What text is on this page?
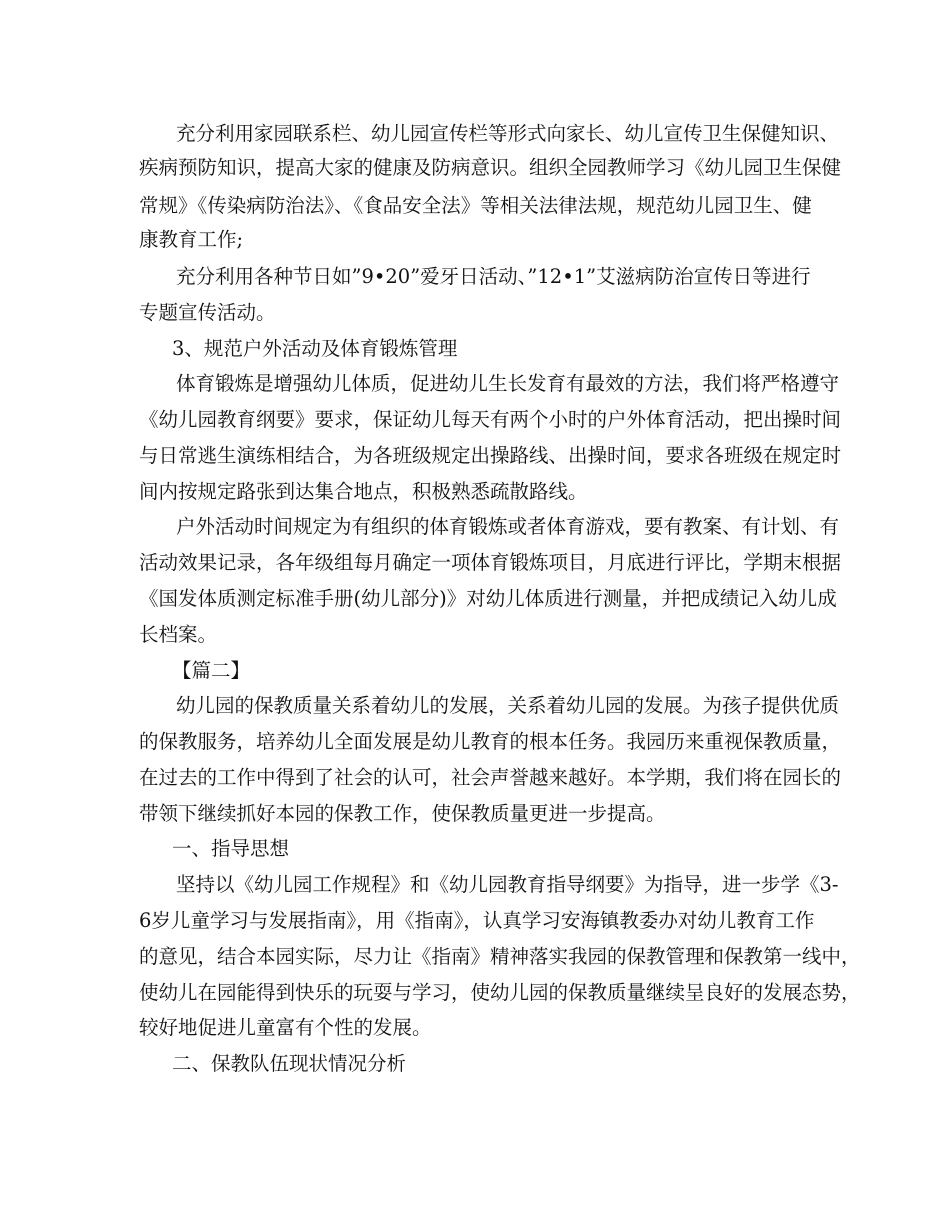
充分利用家园联系栏、幼儿园宣传栏等形式向家长、幼儿宣传卫生保健知识、
疾病预防知识，提高大家的健康及防病意识。组织全园教师学习《幼儿园卫生保健
常规》《传染病防治法》、《食品安全法》等相关法律法规，规范幼儿园卫生、健
康教育工作;
充分利用各种节日如”9•20”爱牙日活动、”12•1”艾滋病防治宣传日等进行
专题宣传活动。
3、规范户外活动及体育锻炼管理
体育锻炼是增强幼儿体质，促进幼儿生长发育有最效的方法，我们将严格遵守
《幼儿园教育纲要》要求，保证幼儿每天有两个小时的户外体育活动，把出操时间
与日常逃生演练相结合，为各班级规定出操路线、出操时间，要求各班级在规定时
间内按规定路张到达集合地点，积极熟悉疏散路线。
户外活动时间规定为有组织的体育锻炼或者体育游戏，要有教案、有计划、有
活动效果记录，各年级组每月确定一项体育锻炼项目，月底进行评比，学期末根据
《国发体质测定标准手册(幼儿部分)》对幼儿体质进行测量，并把成绩记入幼儿成
长档案。
【篇二】
幼儿园的保教质量关系着幼儿的发展，关系着幼儿园的发展。为孩子提供优质
的保教服务，培养幼儿全面发展是幼儿教育的根本任务。我园历来重视保教质量，
在过去的工作中得到了社会的认可，社会声誉越来越好。本学期，我们将在园长的
带领下继续抓好本园的保教工作，使保教质量更进一步提高。
一、指导思想
坚持以《幼儿园工作规程》和《幼儿园教育指导纲要》为指导，进一步学《3-
6岁儿童学习与发展指南》，用《指南》，认真学习安海镇教委办对幼儿教育工作
的意见，结合本园实际，尽力让《指南》精神落实我园的保教管理和保教第一线中，
使幼儿在园能得到快乐的玩耍与学习，使幼儿园的保教质量继续呈良好的发展态势，
较好地促进儿童富有个性的发展。
二、保教队伍现状情况分析
